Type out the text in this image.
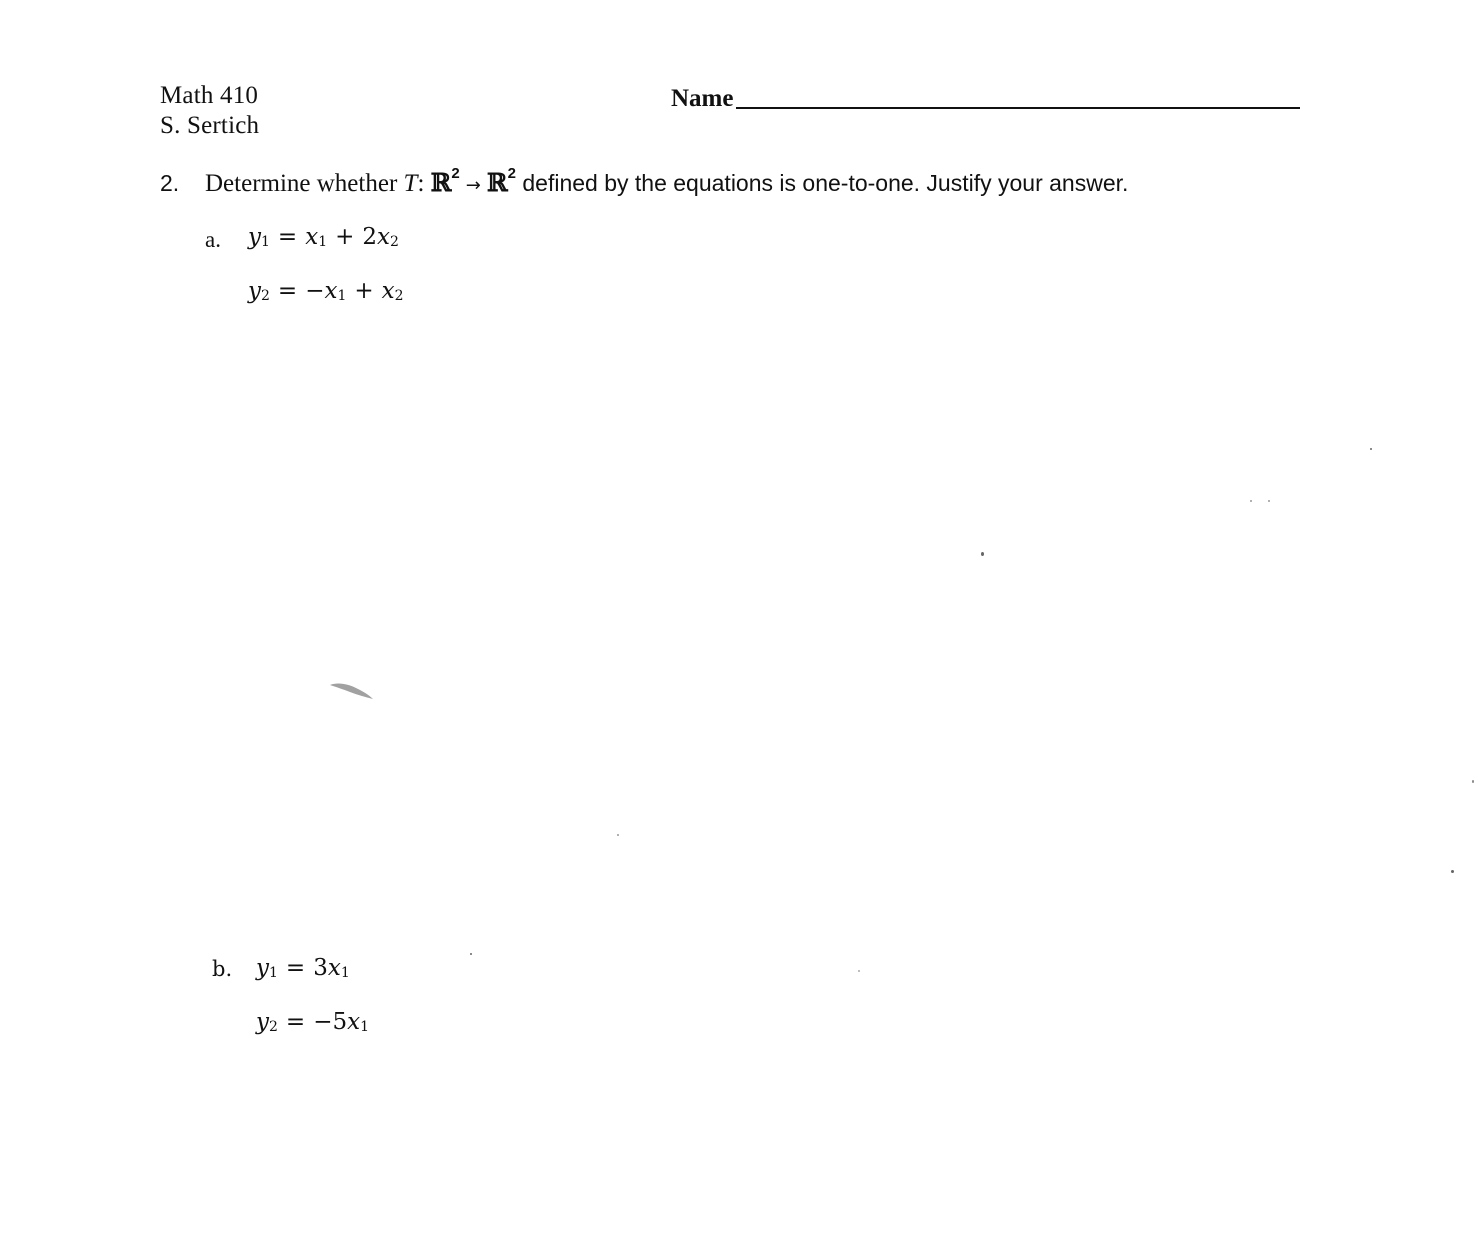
Math 410
S. Sertich
Name
2. Determine whether T: ℝ$^2$→ ℝ$^2$ defined by the equations is one-to-one. Justify your answer.
a. $y_1 = x_1 + 2x_2$
$y_2 = -x_1 + x_2$
b. $y_1 = 3x_1$
$y_2 = -5x_1$
